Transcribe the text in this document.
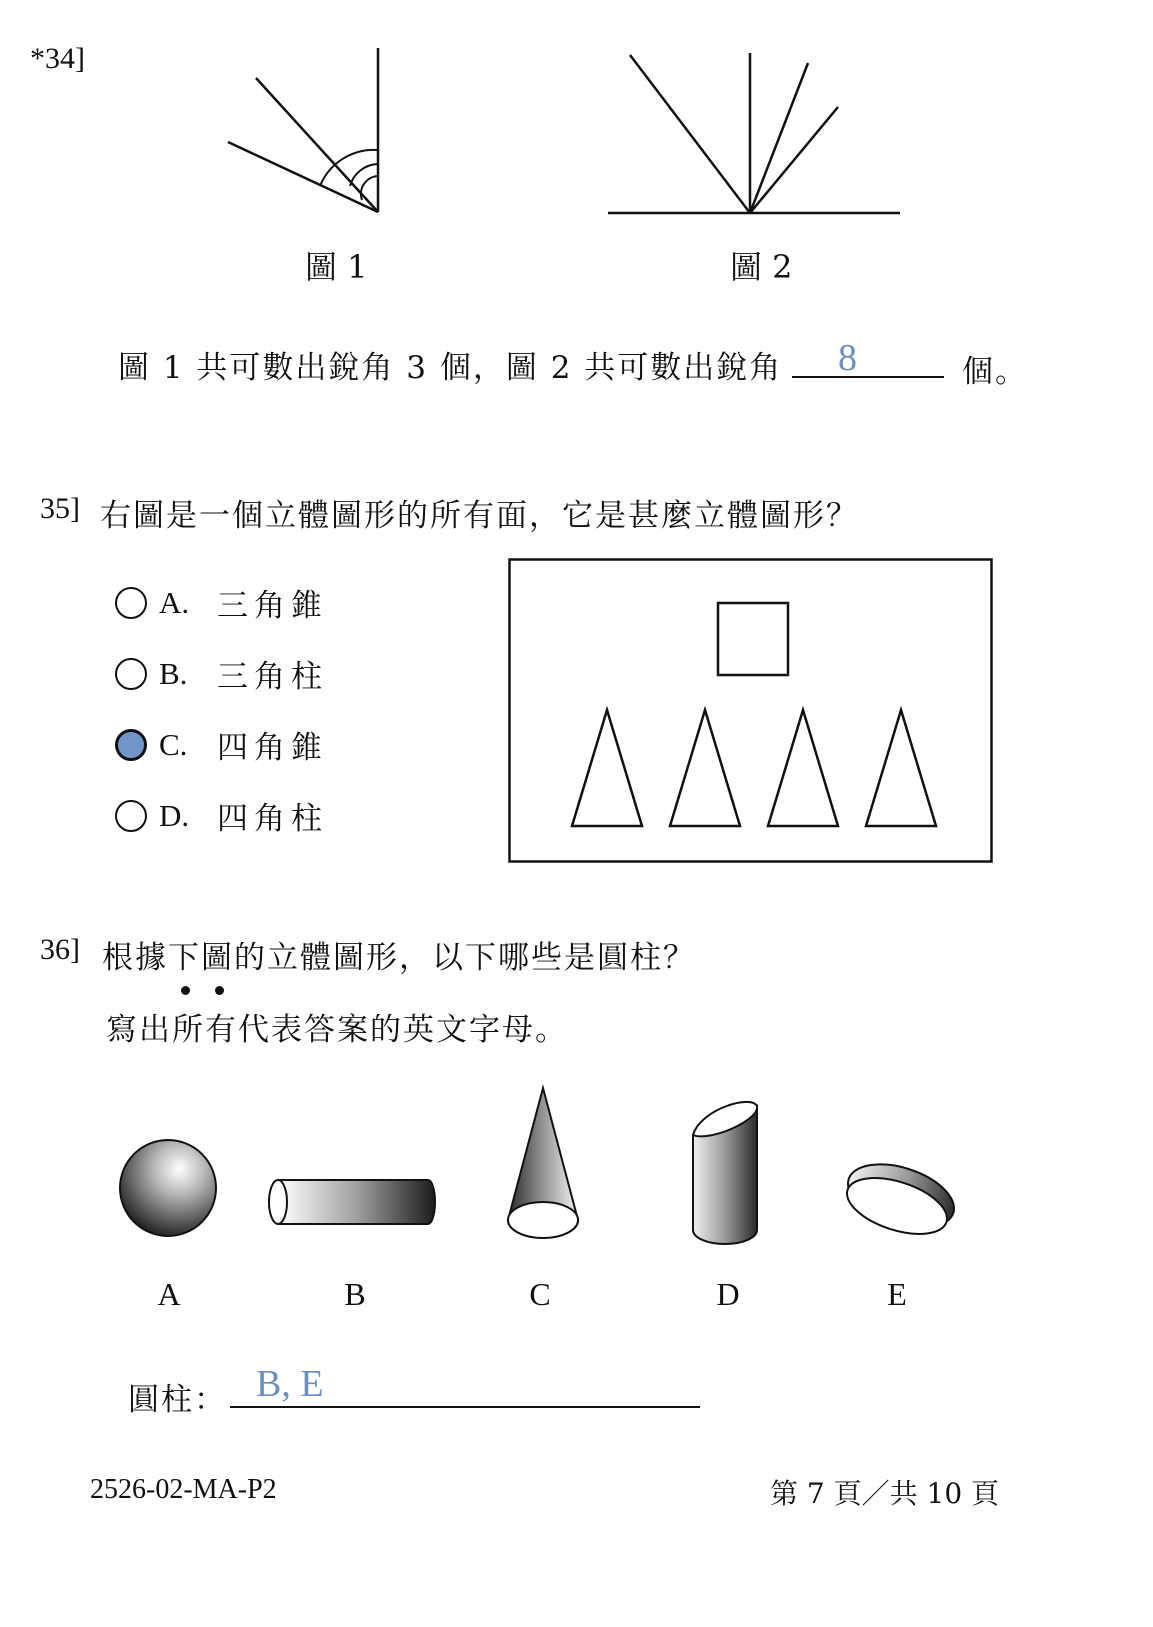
*34]
圖 1	圖 2
圖 1 共可數出銳角 3 個，圖 2 共可數出銳角 8	個。
35] 右圖是一個立體圖形的所有面，它是甚麼立體圖形？
A. 三角錐
B. 三角柱
C. 四角錐
D. 四角柱
36] 根據下圖的立體圖形，以下哪些是圓柱？
寫出所有代表答案的英文字母。
A	B	C	D	E
圓柱： B, E
2526-02-MA-P2	第 7 頁／共 10 頁
